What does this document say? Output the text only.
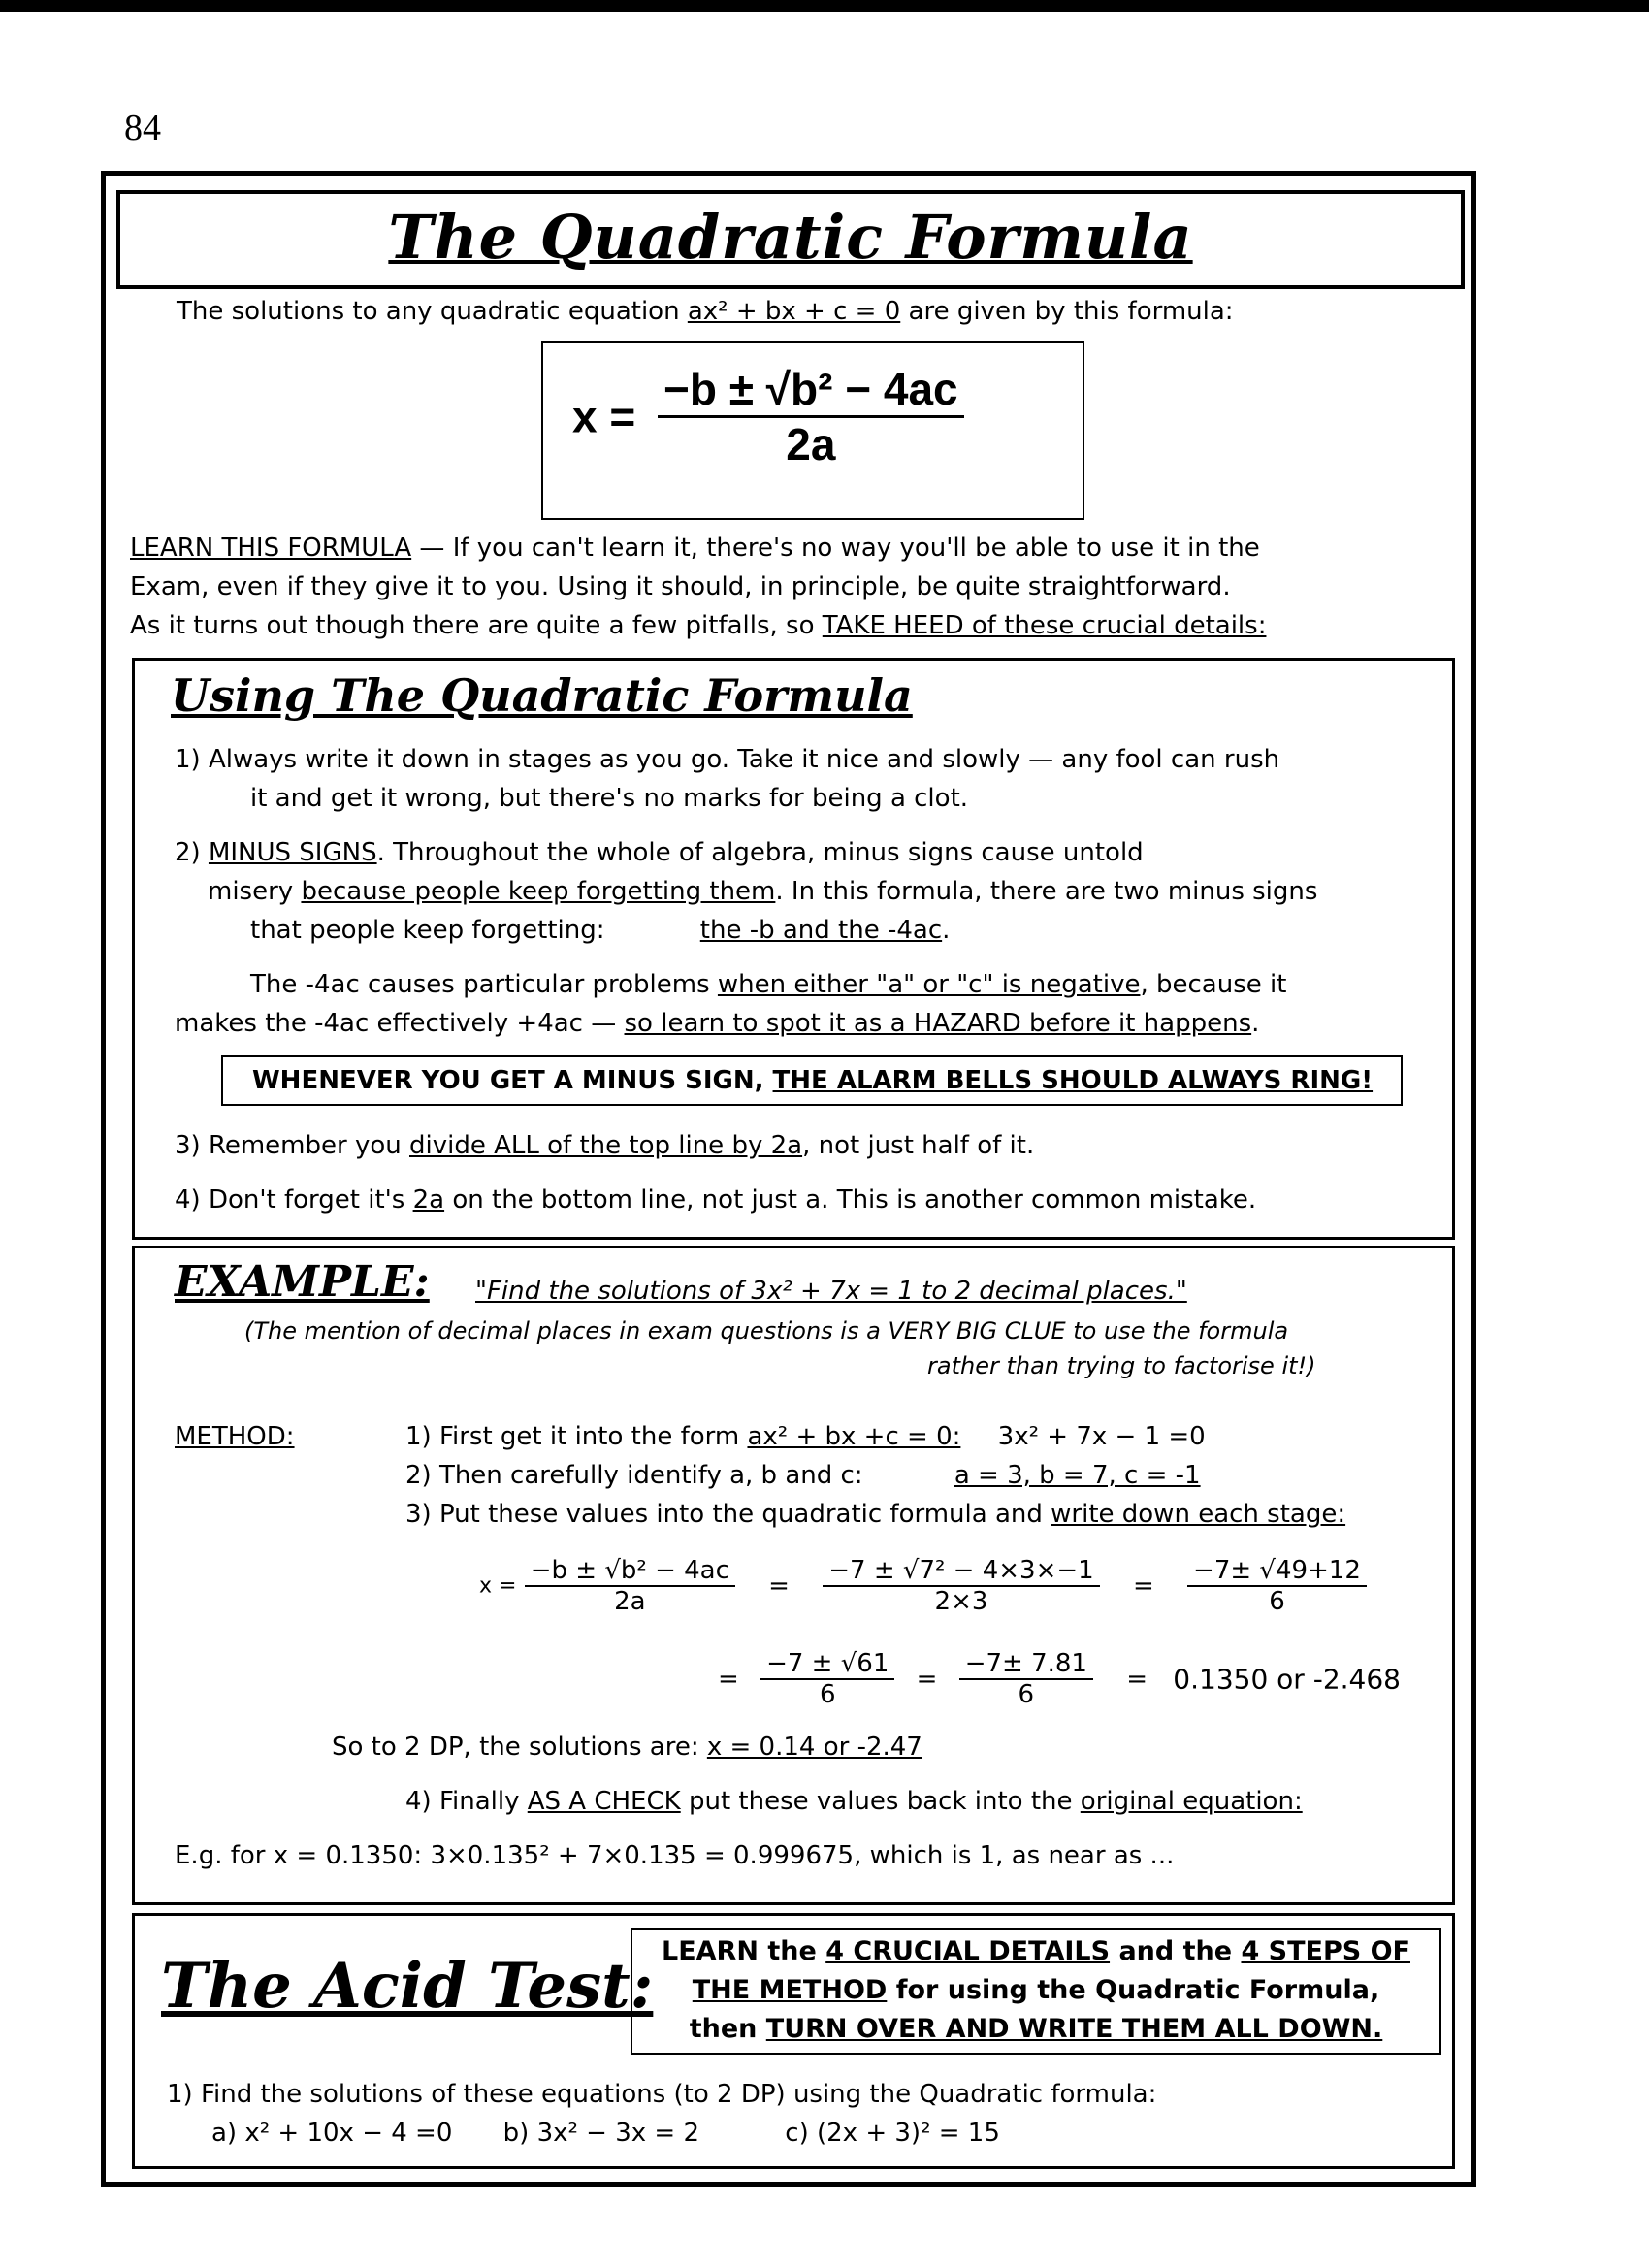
84
The Quadratic Formula
The solutions to any quadratic equation ax² + bx + c = 0 are given by this formula:
$x = \frac{\text{−b ± √b² − 4ac}}{2a}$
LEARN THIS FORMULA — If you can't learn it, there's no way you'll be able to use it in the
Exam, even if they give it to you. Using it should, in principle, be quite straightforward.
As it turns out though there are quite a few pitfalls, so TAKE HEED of these crucial details:
Using The Quadratic Formula
1) Always write it down in stages as you go. Take it nice and slowly — any fool can rush
it and get it wrong, but there's no marks for being a clot.
2) MINUS SIGNS. Throughout the whole of algebra, minus signs cause untold
misery because people keep forgetting them. In this formula, there are two minus signs
that people keep forgetting:	the -b and the -4ac.
The -4ac causes particular problems when either "a" or "c" is negative, because it
makes the -4ac effectively +4ac — so learn to spot it as a HAZARD before it happens.
WHENEVER YOU GET A MINUS SIGN, THE ALARM BELLS SHOULD ALWAYS RING!
3) Remember you divide ALL of the top line by 2a, not just half of it.
4) Don't forget it's 2a on the bottom line, not just a. This is another common mistake.
EXAMPLE: "Find the solutions of 3x² + 7x = 1 to 2 decimal places."
(The mention of decimal places in exam questions is a VERY BIG CLUE to use the formula
rather than trying to factorise it!)
METHOD:	1) First get it into the form ax² + bx +c = 0: 3x² + 7x − 1 =0
2) Then carefully identify a, b and c:	a = 3, b = 7, c = -1
3) Put these values into the quadratic formula and write down each stage:
$x = \frac{\text{−b ± √b² − 4ac}}{2a} = \frac{\text{−7 ± √7² − 4×3×−1}}{2\times 3} = \frac{-7\pm √49+12}{6}$
= $\frac{-7 \pm √61}{6} = \frac{-7\pm 7.81}{6} = 0.1350$ or -2.468
So to 2 DP, the solutions are: x = 0.14 or -2.47
4) Finally AS A CHECK put these values back into the original equation:
E.g. for x = 0.1350: 3×0.135² + 7×0.135 = 0.999675, which is 1, as near as ...
The Acid Test: LEARN the 4 CRUCIAL DETAILS and the 4 STEPS OF
THE METHOD for using the Quadratic Formula,
then TURN OVER AND WRITE THEM ALL DOWN.
1) Find the solutions of these equations (to 2 DP) using the Quadratic formula:
a) x² + 10x − 4 =0 b) 3x² − 3x = 2	c) (2x + 3)² = 15
